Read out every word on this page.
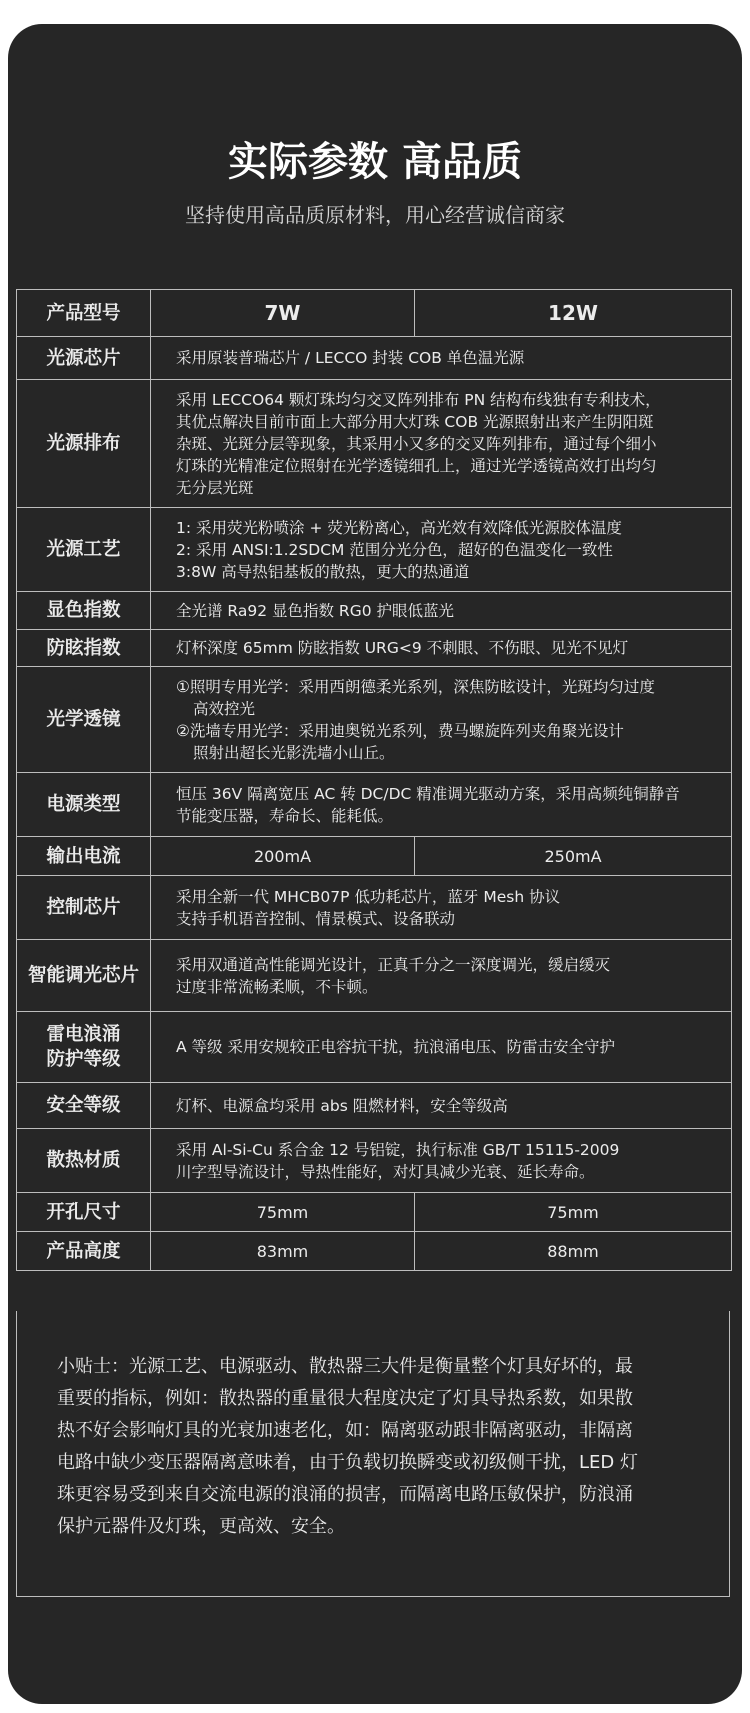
实际参数 高品质
坚持使用高品质原材料，用心经营诚信商家
产品型号	7W	12W
光源芯片	采用原装普瑞芯片 / LECCO 封装 COB 单色温光源	
光源排布	采用 LECCO64 颗灯珠均匀交叉阵列排布 PN 结构布线独有专利技术，
其优点解决目前市面上大部分用大灯珠 COB 光源照射出来产生阴阳斑
杂斑、光斑分层等现象，其采用小又多的交叉阵列排布，通过每个细小
灯珠的光精准定位照射在光学透镜细孔上，通过光学透镜高效打出均匀
无分层光斑	

光源工艺	1: 采用荧光粉喷涂 + 荧光粉离心，高光效有效降低光源胶体温度
2: 采用 ANSI:1.2SDCM 范围分光分色，超好的色温变化一致性
3:8W 高导热铝基板的散热，更大的热通道	

显色指数	全光谱 Ra92 显色指数 RG0 护眼低蓝光	
防眩指数	灯杯深度 65mm 防眩指数 URG<9 不刺眼、不伤眼、见光不见灯	
光学透镜	①照明专用光学：采用西朗德柔光系列，深焦防眩设计，光斑均匀过度
高效控光
②洗墙专用光学：采用迪奥锐光系列，费马螺旋阵列夹角聚光设计
照射出超长光影洗墙小山丘。	

电源类型	恒压 36V 隔离宽压 AC 转 DC/DC 精准调光驱动方案，采用高频纯铜静音
节能变压器，寿命长、能耗低。	

输出电流	200mA	250mA
控制芯片	采用全新一代 MHCB07P 低功耗芯片，蓝牙 Mesh 协议
支持手机语音控制、情景模式、设备联动	

智能调光芯片	采用双通道高性能调光设计，正真千分之一深度调光，缓启缓灭
过度非常流畅柔顺，不卡顿。	

雷电浪涌
防护等级	A 等级 采用安规较正电容抗干扰，抗浪涌电压、防雷击安全守护	
安全等级	灯杯、电源盒均采用 abs 阻燃材料，安全等级高	
散热材质	采用 Al-Si-Cu 系合金 12 号铝锭，执行标准 GB/T 15115-2009
川字型导流设计，导热性能好，对灯具减少光衰、延长寿命。	

开孔尺寸	75mm	75mm
产品高度	83mm	88mm
小贴士：光源工艺、电源驱动、散热器三大件是衡量整个灯具好坏的，最
重要的指标，例如：散热器的重量很大程度决定了灯具导热系数，如果散
热不好会影响灯具的光衰加速老化，如：隔离驱动跟非隔离驱动，非隔离
电路中缺少变压器隔离意味着，由于负载切换瞬变或初级侧干扰，LED 灯
珠更容易受到来自交流电源的浪涌的损害，而隔离电路压敏保护，防浪涌
保护元器件及灯珠，更高效、安全。
